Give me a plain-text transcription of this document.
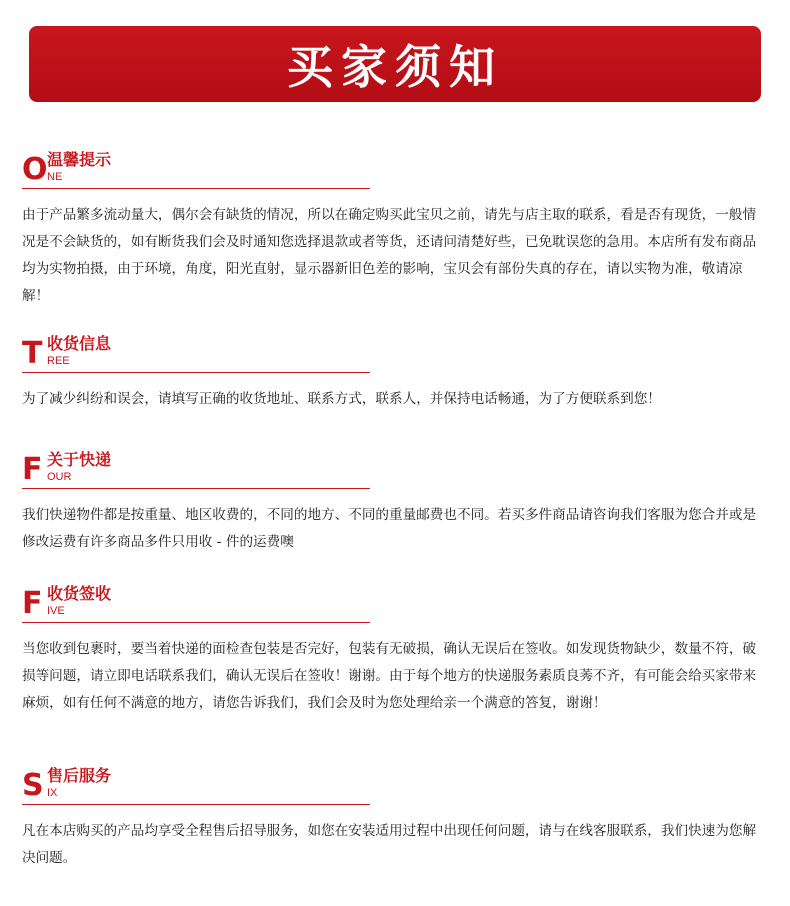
买家须知
O 温馨提示
NE
由于产品繁多流动量大，偶尔会有缺货的情况，所以在确定购买此宝贝之前，请先与店主取的联系，看是否有现货，一般情况是不会缺货的，如有断货我们会及时通知您选择退款或者等货，还请问清楚好些，已免耽误您的急用。本店所有发布商品均为实物拍摄，由于环境，角度，阳光直射，显示器新旧色差的影响，宝贝会有部份失真的存在，请以实物为准，敬请凉解！
T 收货信息
REE
为了减少纠纷和误会，请填写正确的收货地址、联系方式，联系人，并保持电话畅通，为了方便联系到您！
F 关于快递
OUR
我们快递物件都是按重量、地区收费的，不同的地方、不同的重量邮费也不同。若买多件商品请咨询我们客服为您合并或是修改运费有许多商品多件只用收 - 件的运费噢
F 收货签收
IVE
当您收到包裹时，要当着快递的面检查包装是否完好，包装有无破损，确认无误后在签收。如发现货物缺少，数量不符，破损等问题，请立即电话联系我们，确认无误后在签收！谢谢。由于每个地方的快递服务素质良莠不齐，有可能会给买家带来麻烦，如有任何不满意的地方，请您告诉我们，我们会及时为您处理给亲一个满意的答复，谢谢！
S 售后服务
IX
凡在本店购买的产品均享受全程售后招导服务，如您在安装适用过程中出现任何问题，请与在线客服联系，我们快速为您解决问题。
